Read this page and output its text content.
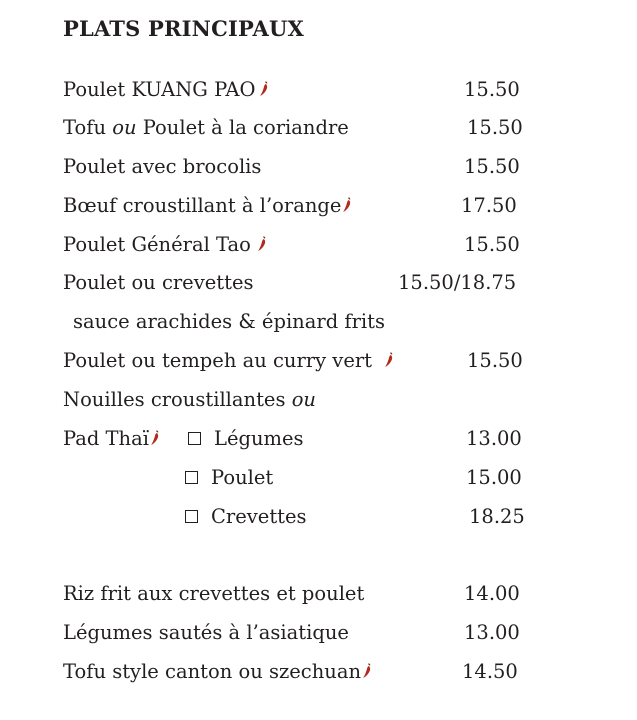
PLATS PRINCIPAUX
Poulet KUANG PAO	15.50
Tofu ou Poulet à la coriandre	15.50
Poulet avec brocolis	15.50
Bœuf croustillant à l’orange	17.50
Poulet Général Tao	15.50
Poulet ou crevettes	15.50/18.75
sauce arachides & épinard frits
Poulet ou tempeh au curry vert	15.50
Nouilles croustillantes ou
Pad Thaï	Légumes	13.00
Poulet	15.00
Crevettes	18.25
Riz frit aux crevettes et poulet	14.00
Légumes sautés à l’asiatique	13.00
Tofu style canton ou szechuan	14.50
